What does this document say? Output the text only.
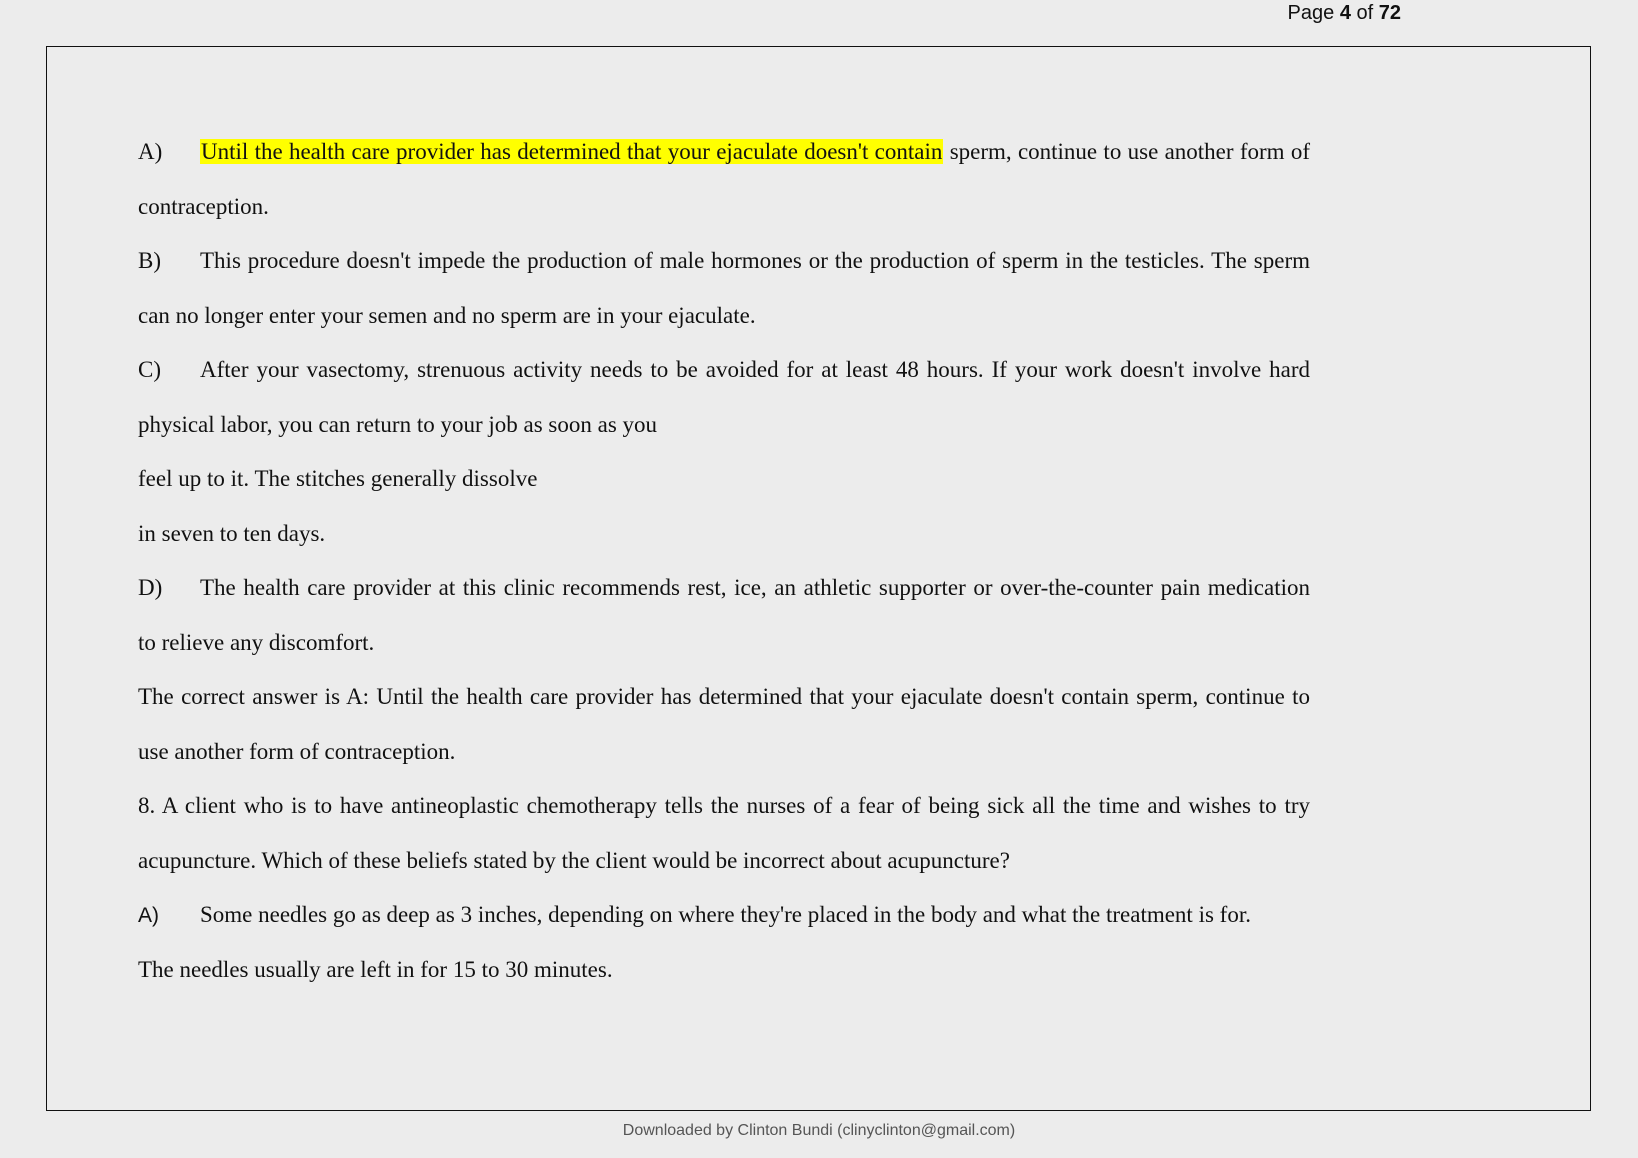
Page 4 of 72
A) Until the health care provider has determined that your ejaculate doesn't contain sperm, continue to use another form of
contraception.
B) This procedure doesn't impede the production of male hormones or the production of sperm in the testicles. The sperm
can no longer enter your semen and no sperm are in your ejaculate.
C) After your vasectomy, strenuous activity needs to be avoided for at least 48 hours. If your work doesn't involve hard
physical labor, you can return to your job as soon as you
feel up to it. The stitches generally dissolve
in seven to ten days.
D) The health care provider at this clinic recommends rest, ice, an athletic supporter or over-the-counter pain medication
to relieve any discomfort.
The correct answer is A: Until the health care provider has determined that your ejaculate doesn't contain sperm, continue to
use another form of contraception.
8. A client who is to have antineoplastic chemotherapy tells the nurses of a fear of being sick all the time and wishes to try
acupuncture. Which of these beliefs stated by the client would be incorrect about acupuncture?
A) Some needles go as deep as 3 inches, depending on where they're placed in the body and what the treatment is for.
The needles usually are left in for 15 to 30 minutes.
Downloaded by Clinton Bundi (clinyclinton@gmail.com)
